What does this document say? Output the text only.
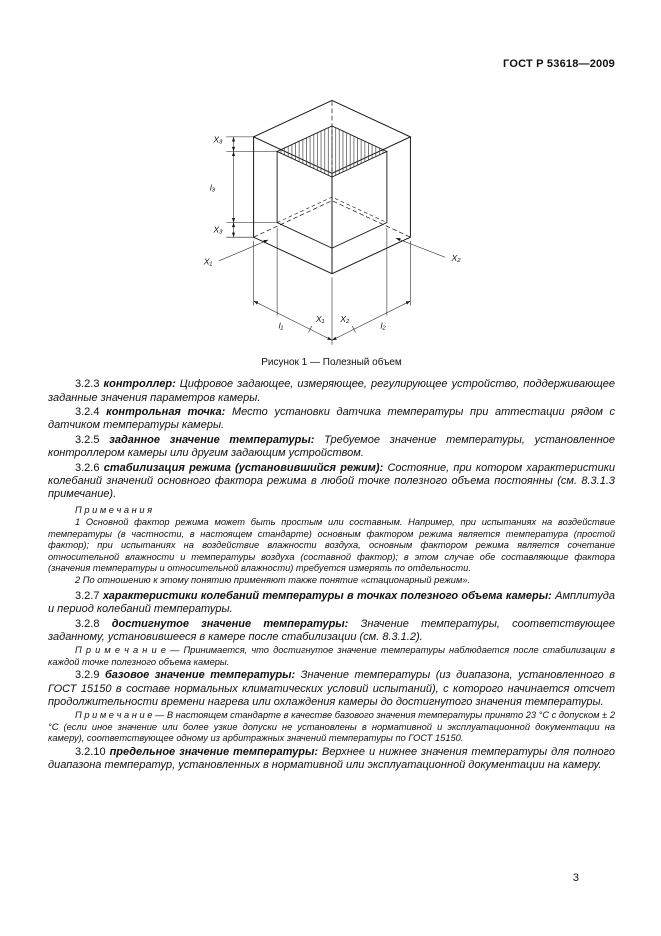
ГОСТ Р 53618—2009
X₃
l₃
X₃
X₁	X₂
X₁ X₂
l₁	l₂
Рисунок 1 — Полезный объем

3.2.3 контроллер: Цифровое задающее, измеряющее, регулирующее устройство, поддерживающее заданные значения параметров камеры.

3.2.4 контрольная точка: Место установки датчика температуры при аттестации рядом с датчиком температуры камеры.

3.2.5 заданное значение температуры: Требуемое значение температуры, установленное контроллером камеры или другим задающим устройством.

3.2.6 стабилизация режима (установившийся режим): Состояние, при котором характеристики колебаний значений основного фактора режима в любой точке полезного объема постоянны (см. 8.3.1.3 примечание).

П р и м е ч а н и я

1 Основной фактор режима может быть простым или составным. Например, при испытаниях на воздействие температуры (в частности, в настоящем стандарте) основным фактором режима является температура (простой фактор); при испытаниях на воздействие влажности воздуха, основным фактором режима является сочетание относительной влажности и температуры воздуха (составной фактор); в этом случае обе составляющие фактора (значения температуры и относительной влажности) требуется измерять по отдельности.

2 По отношению к этому понятию применяют также понятие «стационарный режим».

3.2.7 характеристики колебаний температуры в точках полезного объема камеры: Амплитуда и период колебаний температуры.

3.2.8 достигнутое значение температуры: Значение температуры, соответствующее заданному, установившееся в камере после стабилизации (см. 8.3.1.2).

П р и м е ч а н и е — Принимается, что достигнутое значение температуры наблюдается после стабилизации в каждой точке полезного объема камеры.

3.2.9 базовое значение температуры: Значение температуры (из диапазона, установленного в ГОСТ 15150 в составе нормальных климатических условий испытаний), с которого начинается отсчет продолжительности времени нагрева или охлаждения камеры до достигнутого значения температуры.

П р и м е ч а н и е — В настоящем стандарте в качестве базового значения температуры принято 23 °С с допуском ± 2 °С (если иное значение или более узкие допуски не установлены в нормативной и эксплуатационной документации на камеру), соответствующее одному из арбитражных значений температуры по ГОСТ 15150.

3.2.10 предельное значение температуры: Верхнее и нижнее значения температуры для полного диапазона температур, установленных в нормативной или эксплуатационной документации на камеру.

3
